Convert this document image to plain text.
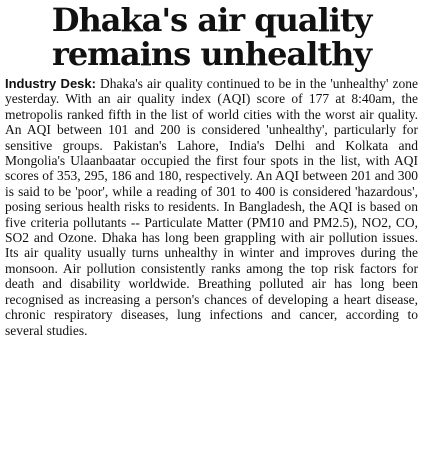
Dhaka's air quality
remains unhealthy

Industry Desk: Dhaka's air quality continued to be in the 'unhealthy' zone yesterday. With an air quality index (AQI) score of 177 at 8:40am, the metropolis ranked fifth in the list of world cities with the worst air quality. An AQI between 101 and 200 is considered 'unhealthy', particularly for sensitive groups. Pakistan's Lahore, India's Delhi and Kolkata and Mongolia's Ulaanbaatar occupied the first four spots in the list, with AQI scores of 353, 295, 186 and 180, respectively. An AQI between 201 and 300 is said to be 'poor', while a reading of 301 to 400 is considered 'hazardous', posing serious health risks to residents. In Bangladesh, the AQI is based on five criteria pollutants -- Particulate Matter (PM10 and PM2.5), NO2, CO, SO2 and Ozone. Dhaka has long been grappling with air pollution issues. Its air quality usually turns unhealthy in winter and improves during the monsoon. Air pollution consistently ranks among the top risk factors for death and disability worldwide. Breathing polluted air has long been recognised as increasing a person's chances of developing a heart disease, chronic respiratory diseases, lung infections and cancer, according to several studies.
